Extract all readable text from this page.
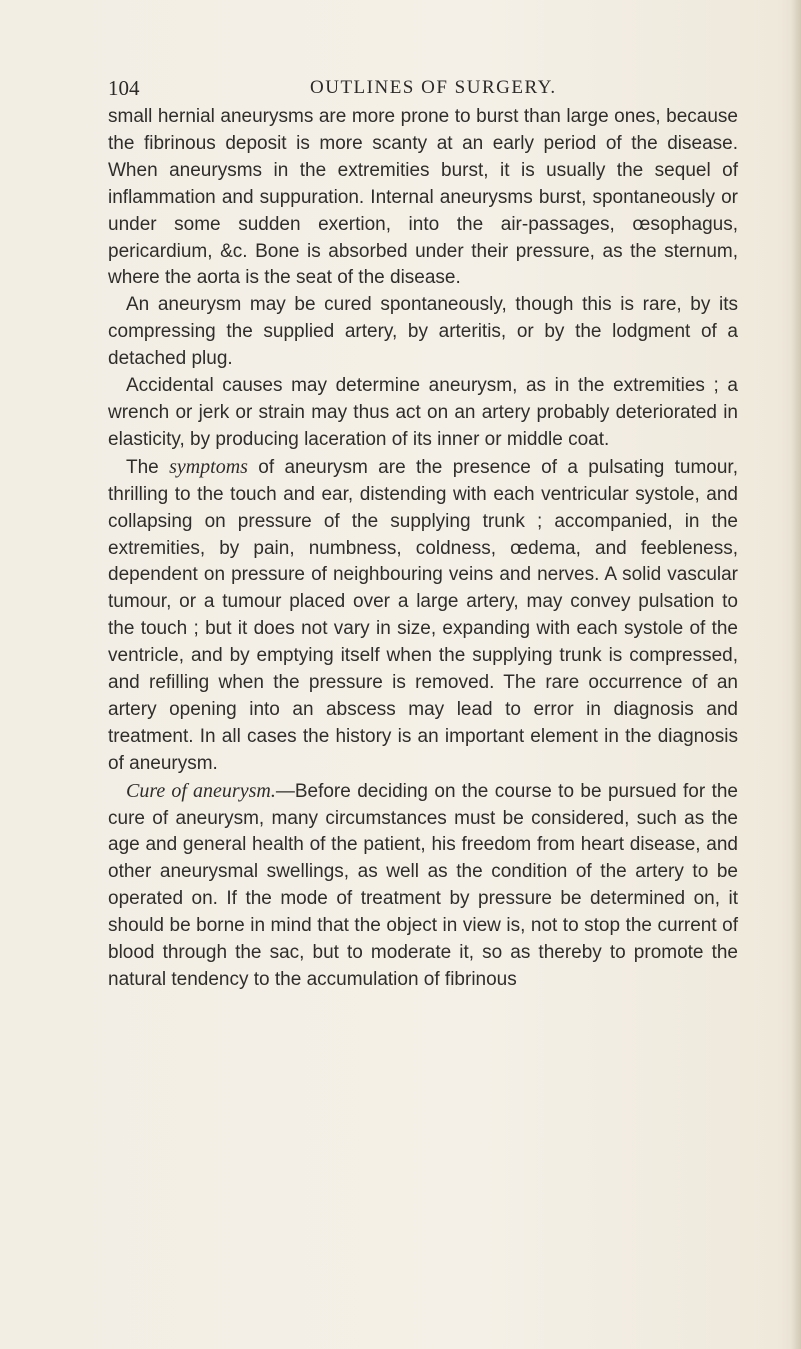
104	OUTLINES OF SURGERY.

small hernial aneurysms are more prone to burst than large ones, because the fibrinous deposit is more scanty at an early period of the disease. When aneurysms in the extremities burst, it is usually the sequel of inflammation and suppuration. Internal aneurysms burst, spontaneously or under some sudden exertion, into the air-passages, œsophagus, pericardium, &c. Bone is absorbed under their pressure, as the sternum, where the aorta is the seat of the disease.

An aneurysm may be cured spontaneously, though this is rare, by its compressing the supplied artery, by arteritis, or by the lodgment of a detached plug.

Accidental causes may determine aneurysm, as in the extremities ; a wrench or jerk or strain may thus act on an artery probably deteriorated in elasticity, by producing laceration of its inner or middle coat.

The symptoms of aneurysm are the presence of a pulsating tumour, thrilling to the touch and ear, distending with each ventricular systole, and collapsing on pressure of the supplying trunk ; accompanied, in the extremities, by pain, numbness, coldness, œdema, and feebleness, dependent on pressure of neighbouring veins and nerves. A solid vascular tumour, or a tumour placed over a large artery, may convey pulsation to the touch ; but it does not vary in size, expanding with each systole of the ventricle, and by emptying itself when the supplying trunk is compressed, and refilling when the pressure is removed. The rare occurrence of an artery opening into an abscess may lead to error in diagnosis and treatment. In all cases the history is an important element in the diagnosis of aneurysm.

Cure of aneurysm.—Before deciding on the course to be pursued for the cure of aneurysm, many circumstances must be considered, such as the age and general health of the patient, his freedom from heart disease, and other aneurysmal swellings, as well as the condition of the artery to be operated on. If the mode of treatment by pressure be determined on, it should be borne in mind that the object in view is, not to stop the current of blood through the sac, but to moderate it, so as thereby to promote the natural tendency to the accumulation of fibrinous
